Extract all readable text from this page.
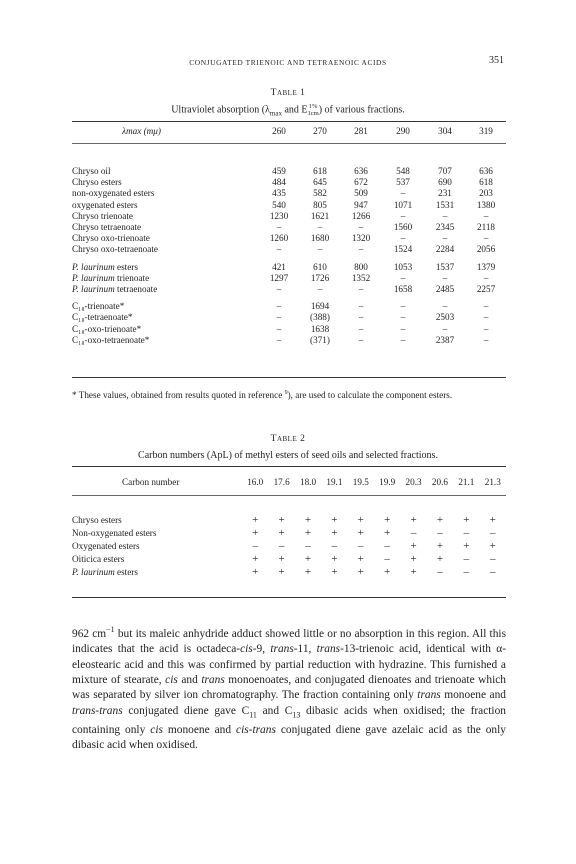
CONJUGATED TRIENOIC AND TETRAENOIC ACIDS	351
Table 1
Ultraviolet absorption ($\lambda_{max}$ and E 1%
1cm ) of various fractions.
λmax (mμ)	260	270	281	290	304	319
Chryso oil	459	618	636	548	707	636
Chryso esters	484	645	672	537	690	618
non-oxygenated esters	435	582	509	–	231	203
oxygenated esters	540	805	947	1071	1531	1380
Chryso trienoate	1230	1621	1266	–	–	–
Chryso tetraenoate	–	–	–	1560	2345	2118
Chryso oxo-trienoate	1260	1680	1320	–	–	–
Chryso oxo-tetraenoate	–	–	–	1524	2284	2056

P. laurinum esters	421	610	800	1053	1537	1379
P. laurinum trienoate	1297	1726	1352	–	–	–
P. laurinum tetraenoate	–	–	–	1658	2485	2257

C₁₈-trienoate*	–	1694	–	–	–	–
C₁₈-tetraenoate*	–	(388)	–	–	2503	–
C₁₈-oxo-trienoate*	–	1638	–	–	–	–
C₁₈-oxo-tetraenoate*	–	(371)	–	–	2387	–
* These values, obtained from results quoted in reference $^9$), are used to calculate the component esters.
Table 2
Carbon numbers (ApL) of methyl esters of seed oils and selected fractions.
Carbon number	16.0	17.6	18.0	19.1	19.5	19.9	20.3	20.6	21.1	21.3
Chryso esters	+	+	+	+	+	+	+	+	+	+
Non-oxygenated esters	+	+	+	+	+	+	–	–	–	–
Oxygenated esters	–	–	–	–	–	–	+	+	+	+
Oiticica esters	+	+	+	+	+	–	+	+	–	–
P. laurinum esters	+	+	+	+	+	+	+	–	–	–
962 $cm^{-1}$ but its maleic anhydride adduct showed little or no absorption in this region. All this indicates that the acid is octadeca-cis-9, trans-11, trans-13-trienoic acid, identical with α-eleostearic acid and this was confirmed by partial reduction with hydrazine. This furnished a mixture of stearate, cis and trans monoenoates, and conjugated dienoates and trienoate which was separated by silver ion chromatography. The fraction containing only trans monoene and trans-trans conjugated diene gave $C_{11}$ and $C_{13}$ dibasic acids when oxidised; the fraction containing only cis monoene and cis-trans conjugated diene gave azelaic acid as the only dibasic acid when oxidised.
